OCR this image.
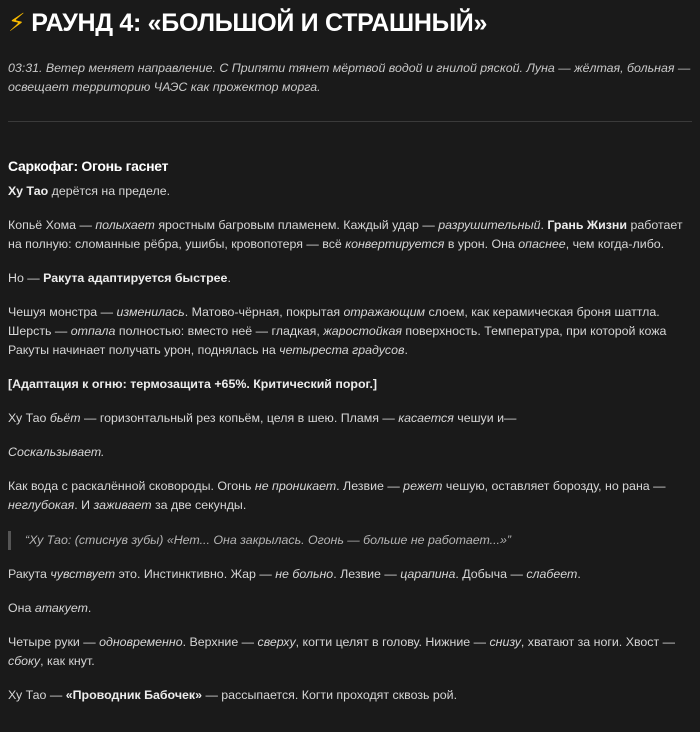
⚡ РАУНД 4: «БОЛЬШОЙ И СТРАШНЫЙ»

03:31. Ветер меняет направление. С Припяти тянет мёртвой водой и гнилой ряской. Луна — жёлтая, больная — освещает территорию ЧАЭС как прожектор морга.

Саркофаг: Огонь гаснет

Ху Тао дерётся на пределе.

Копьё Хома — полыхает яростным багровым пламенем. Каждый удар — разрушительный. Грань Жизни работает на полную: сломанные рёбра, ушибы, кровопотеря — всё конвертируется в урон. Она опаснее, чем когда-либо.

Но — Ракута адаптируется быстрее.

Чешуя монстра — изменилась. Матово-чёрная, покрытая отражающим слоем, как керамическая броня шаттла. Шерсть — отпала полностью: вместо неё — гладкая, жаростойкая поверхность. Температура, при которой кожа Ракуты начинает получать урон, поднялась на четыреста градусов.

[Адаптация к огню: термозащита +65%. Критический порог.]

Ху Тао бьёт — горизонтальный рез копьём, целя в шею. Пламя — касается чешуи и—

Соскальзывает.

Как вода с раскалённой сковороды. Огонь не проникает. Лезвие — режет чешую, оставляет борозду, но рана — неглубокая. И заживает за две секунды.

“Ху Тао: (стиснув зубы) «Нет... Она закрылась. Огонь — больше не работает...»”

Ракута чувствует это. Инстинктивно. Жар — не больно. Лезвие — царапина. Добыча — слабеет.

Она атакует.

Четыре руки — одновременно. Верхние — сверху, когти целят в голову. Нижние — снизу, хватают за ноги. Хвост — сбоку, как кнут.

Ху Тао — «Проводник Бабочек» — рассыпается. Когти проходят сквозь рой.
